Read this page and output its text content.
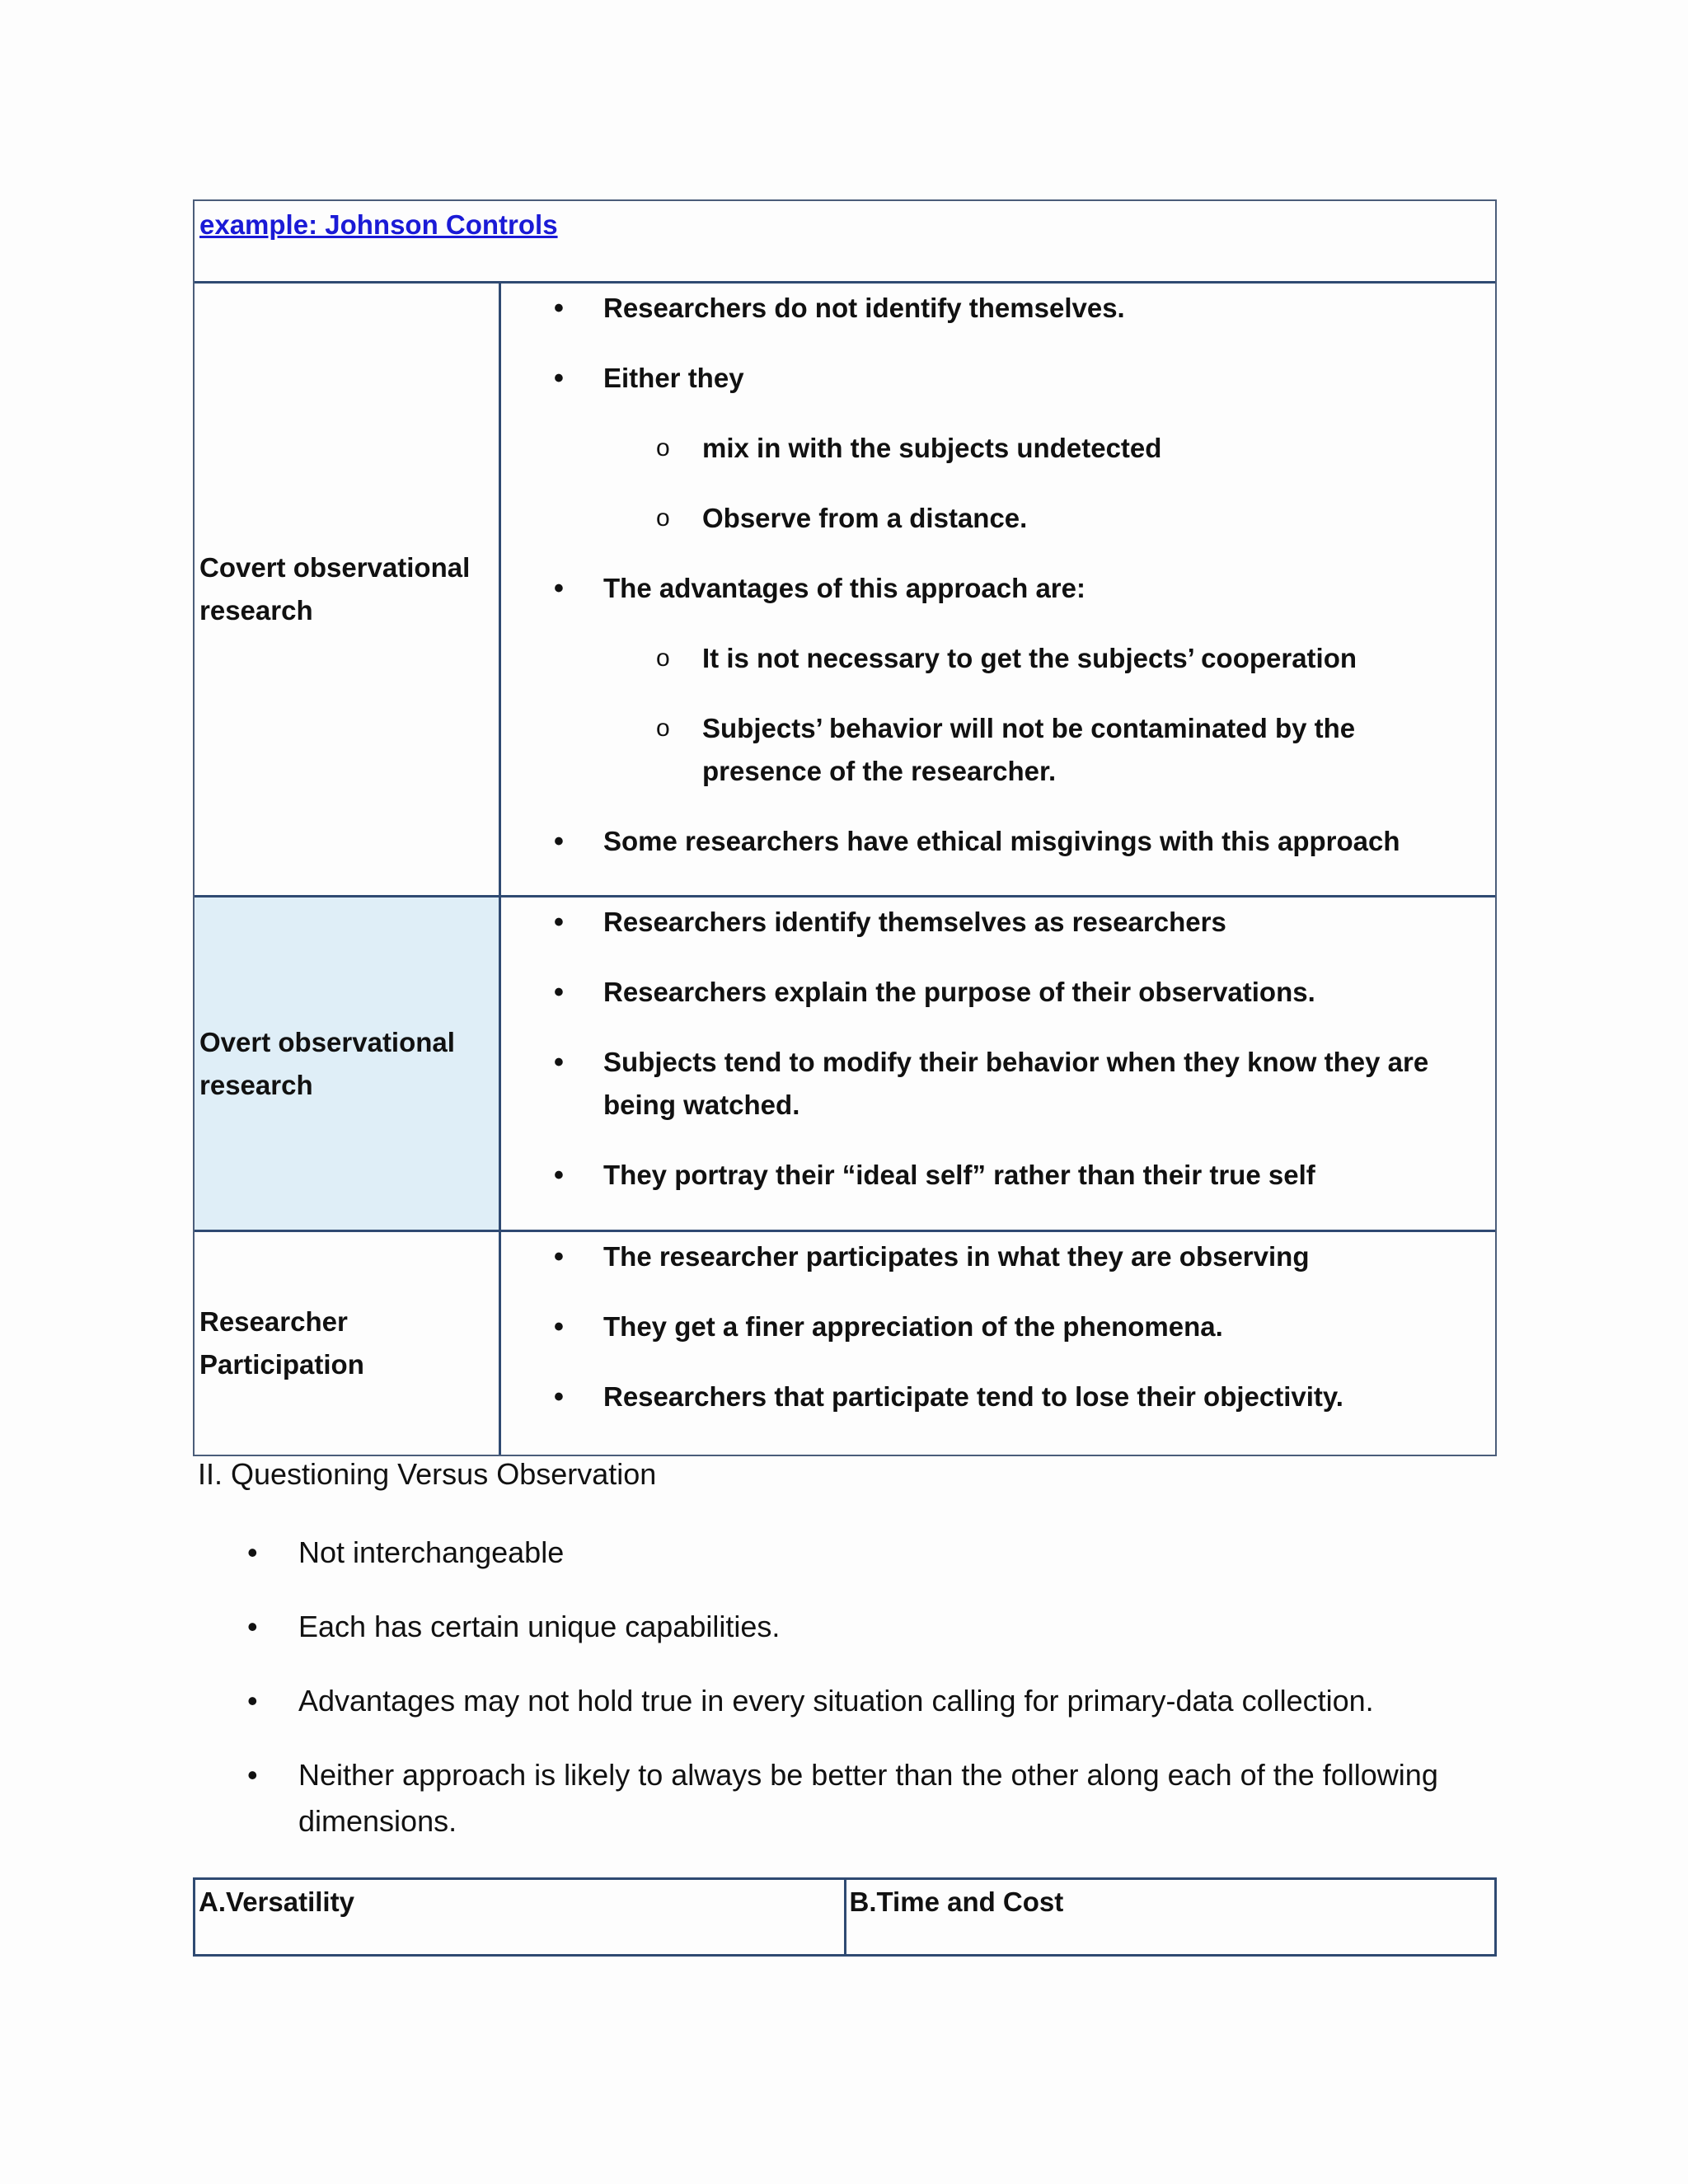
example: Johnson Controls
Covert observational
research
• Researchers do not identify themselves.
• Either they
o mix in with the subjects undetected
o Observe from a distance.
• The advantages of this approach are:
o It is not necessary to get the subjects’ cooperation
o Subjects’ behavior will not be contaminated by the presence of the researcher.
• Some researchers have ethical misgivings with this approach
Overt observational
research
• Researchers identify themselves as researchers
• Researchers explain the purpose of their observations.
• Subjects tend to modify their behavior when they know they are being watched.
• They portray their “ideal self” rather than their true self
Researcher
Participation
• The researcher participates in what they are observing
• They get a finer appreciation of the phenomena.
• Researchers that participate tend to lose their objectivity.
II. Questioning Versus Observation
• Not interchangeable
• Each has certain unique capabilities.
• Advantages may not hold true in every situation calling for primary-data collection.
• Neither approach is likely to always be better than the other along each of the following dimensions.
A.Versatility	B.Time and Cost
